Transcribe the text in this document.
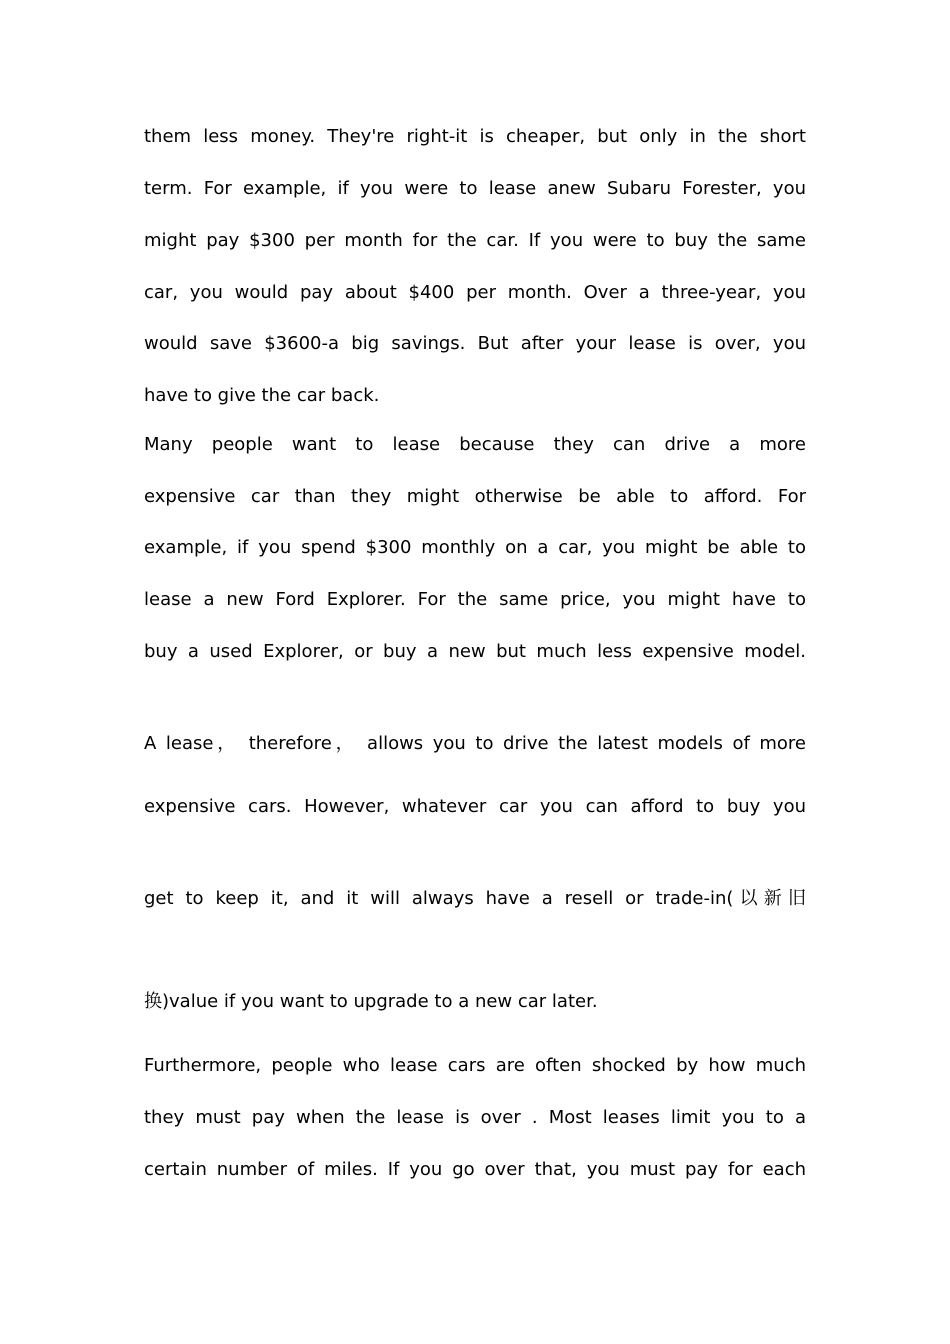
them less money. They're right-it is cheaper, but only in the short
term. For example, if you were to lease anew Subaru Forester, you
might pay $300 per month for the car. If you were to buy the same
car, you would pay about $400 per month. Over a three-year, you
would save $3600-a big savings. But after your lease is over, you
have to give the car back.
Many people want to lease because they can drive a more
expensive car than they might otherwise be able to afford. For
example, if you spend $300 monthly on a car, you might be able to
lease a new Ford Explorer. For the same price, you might have to
buy a used Explorer, or buy a new but much less expensive model.
A lease， therefore， allows you to drive the latest models of more
expensive cars. However, whatever car you can afford to buy you
get to keep it, and it will always have a resell or trade-in(以新旧
换)value if you want to upgrade to a new car later.
Furthermore, people who lease cars are often shocked by how much
they must pay when the lease is over . Most leases limit you to a
certain number of miles. If you go over that, you must pay for each
